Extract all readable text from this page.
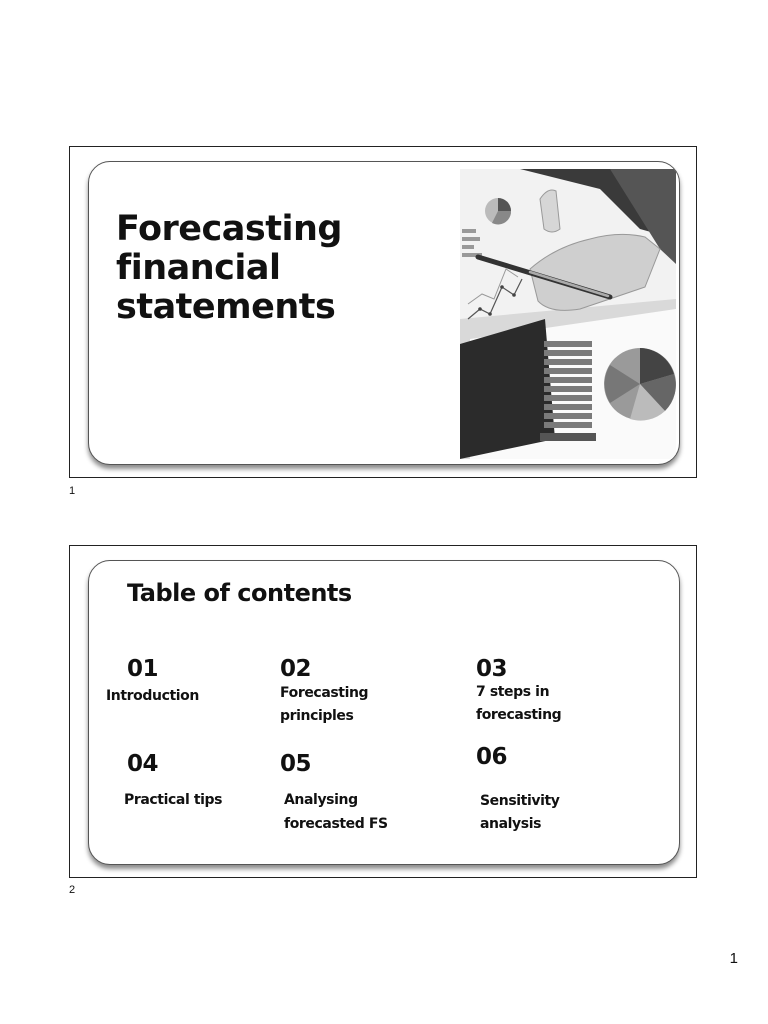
Forecasting
financial
statements
1
Table of contents
01
Introduction
02
Forecasting
principles
03
7 steps in
forecasting
04
Practical tips
05
Analysing
forecasted FS
06
Sensitivity
analysis
2
1
